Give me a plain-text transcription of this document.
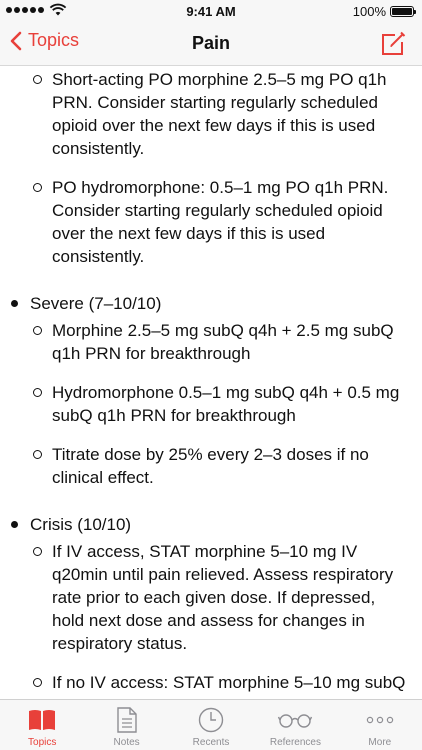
9:41 AM	100%
Topics	Pain
Short-acting PO morphine 2.5–5 mg PO q1h PRN. Consider starting regularly scheduled opioid over the next few days if this is used consistently.
PO hydromorphone: 0.5–1 mg PO q1h PRN. Consider starting regularly scheduled opioid over the next few days if this is used consistently.
Severe (7–10/10)
Morphine 2.5–5 mg subQ q4h + 2.5 mg subQ q1h PRN for breakthrough
Hydromorphone 0.5–1 mg subQ q4h + 0.5 mg subQ q1h PRN for breakthrough
Titrate dose by 25% every 2–3 doses if no clinical effect.
Crisis (10/10)
If IV access, STAT morphine 5–10 mg IV q20min until pain relieved. Assess respiratory rate prior to each given dose. If depressed, hold next dose and assess for changes in respiratory status.
If no IV access: STAT morphine 5–10 mg subQ
Topics	Notes	Recents	References	More
